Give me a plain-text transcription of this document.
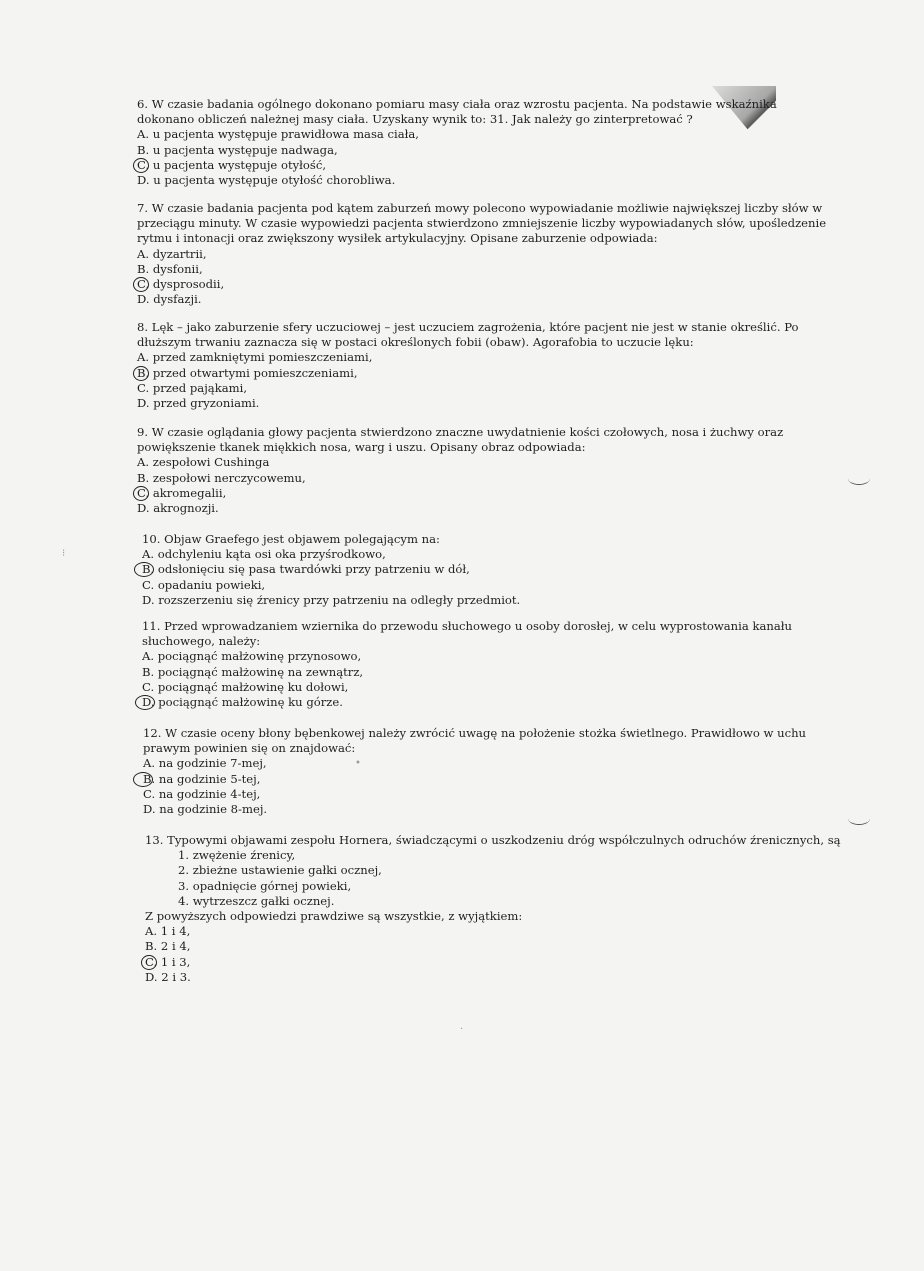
6. W czasie badania ogólnego dokonano pomiaru masy ciała oraz wzrostu pacjenta. Na podstawie wskaźnika
dokonano obliczeń należnej masy ciała. Uzyskany wynik to: 31. Jak należy go zinterpretować ?
A. u pacjenta występuje prawidłowa masa ciała,
B. u pacjenta występuje nadwaga,
C. u pacjenta występuje otyłość,
D. u pacjenta występuje otyłość chorobliwa.
7. W czasie badania pacjenta pod kątem zaburzeń mowy polecono wypowiadanie możliwie największej liczby słów w
przeciągu minuty. W czasie wypowiedzi pacjenta stwierdzono zmniejszenie liczby wypowiadanych słów, upośledzenie
rytmu i intonacji oraz zwiększony wysiłek artykulacyjny. Opisane zaburzenie odpowiada:
A. dyzartrii,
B. dysfonii,
C. dysprosodii,
D. dysfazji.
8. Lęk – jako zaburzenie sfery uczuciowej – jest uczuciem zagrożenia, które pacjent nie jest w stanie określić. Po
dłuższym trwaniu zaznacza się w postaci określonych fobii (obaw). Agorafobia to uczucie lęku:
A. przed zamkniętymi pomieszczeniami,
B. przed otwartymi pomieszczeniami,
C. przed pająkami,
D. przed gryzoniami.
9. W czasie oglądania głowy pacjenta stwierdzono znaczne uwydatnienie kości czołowych, nosa i żuchwy oraz
powiększenie tkanek miękkich nosa, warg i uszu. Opisany obraz odpowiada:
A. zespołowi Cushinga
B. zespołowi nerczycowemu,
C. akromegalii,
D. akrognozji.
10. Objaw Graefego jest objawem polegającym na:
A. odchyleniu kąta osi oka przyśrodkowo,
B. odsłonięciu się pasa twardówki przy patrzeniu w dół,
C. opadaniu powieki,
D. rozszerzeniu się źrenicy przy patrzeniu na odległy przedmiot.
11. Przed wprowadzaniem wziernika do przewodu słuchowego u osoby dorosłej, w celu wyprostowania kanału
słuchowego, należy:
A. pociągnąć małżowinę przynosowo,
B. pociągnąć małżowinę na zewnątrz,
C. pociągnąć małżowinę ku dołowi,
D. pociągnąć małżowinę ku górze.
12. W czasie oceny błony bębenkowej należy zwrócić uwagę na położenie stożka świetlnego. Prawidłowo w uchu
prawym powinien się on znajdować:
A. na godzinie 7-mej,
B. na godzinie 5-tej,
C. na godzinie 4-tej,
D. na godzinie 8-mej.
13. Typowymi objawami zespołu Hornera, świadczącymi o uszkodzeniu dróg współczulnych odruchów źrenicznych, są
1. zwężenie źrenicy,
2. zbieżne ustawienie gałki ocznej,
3. opadnięcie górnej powieki,
4. wytrzeszcz gałki ocznej.
Z powyższych odpowiedzi prawdziwe są wszystkie, z wyjątkiem:
A. 1 i 4,
B. 2 i 4,
C. 1 i 3,
D. 2 i 3.
⁝
·
•
